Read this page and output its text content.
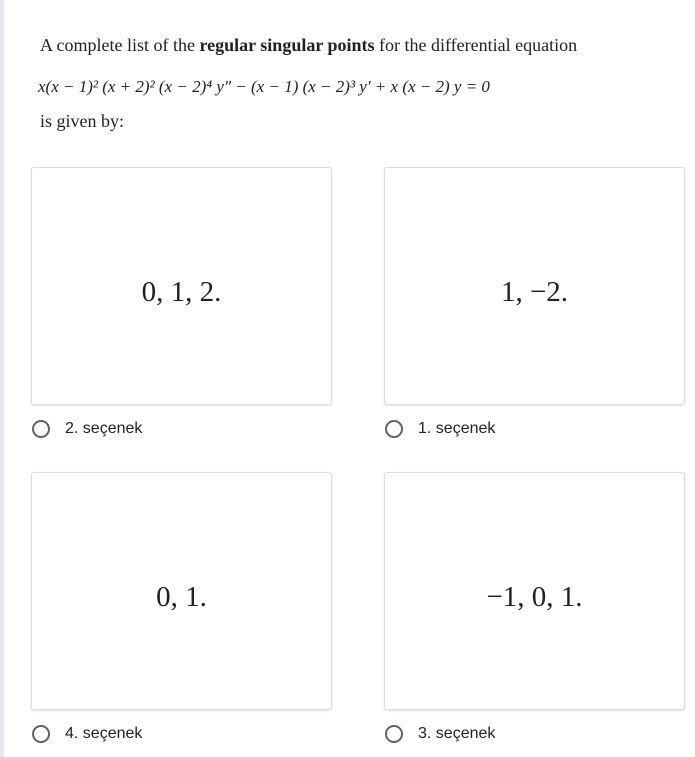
A complete list of the regular singular points for the differential equation
x(x − 1)² (x + 2)² (x − 2)⁴ y″ − (x − 1) (x − 2)³ y′ + x (x − 2) y = 0
is given by:
0, 1, 2.
2. seçenek
1, −2.
1. seçenek
0, 1.
4. seçenek
−1, 0, 1.
3. seçenek
